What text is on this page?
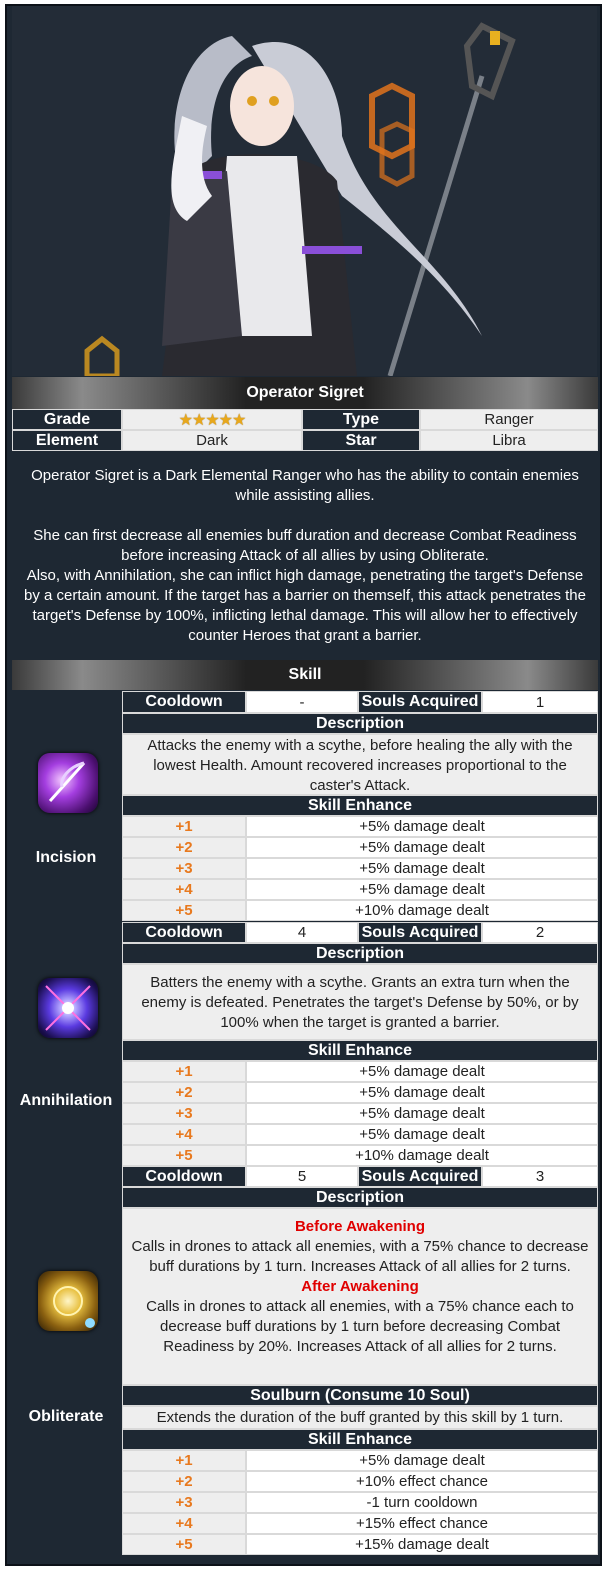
Operator Sigret
Grade	★★★★★	Type	Ranger
Element	Dark	Star	Libra
Operator Sigret is a Dark Elemental Ranger who has the ability to contain enemies while assisting allies.
She can first decrease all enemies buff duration and decrease Combat Readiness before increasing Attack of all allies by using Obliterate.
Also, with Annihilation, she can inflict high damage, penetrating the target's Defense by a certain amount. If the target has a barrier on themself, this attack penetrates the target's Defense by 100%, inflicting lethal damage. This will allow her to effectively counter Heroes that grant a barrier.
Skill
Incision
Cooldown	-	Souls Acquired	1
Description
Attacks the enemy with a scythe, before healing the ally with the lowest Health. Amount recovered increases proportional to the caster's Attack.
Skill Enhance
+1	+5% damage dealt
+2	+5% damage dealt
+3	+5% damage dealt
+4	+5% damage dealt
+5	+10% damage dealt
Annihilation
Cooldown	4	Souls Acquired	2
Description
Batters the enemy with a scythe. Grants an extra turn when the enemy is defeated. Penetrates the target's Defense by 50%, or by 100% when the target is granted a barrier.
Skill Enhance
+1	+5% damage dealt
+2	+5% damage dealt
+3	+5% damage dealt
+4	+5% damage dealt
+5	+10% damage dealt
Obliterate
Cooldown	5	Souls Acquired	3
Description
Before Awakening
Calls in drones to attack all enemies, with a 75% chance to decrease buff durations by 1 turn. Increases Attack of all allies for 2 turns.
After Awakening
Calls in drones to attack all enemies, with a 75% chance each to decrease buff durations by 1 turn before decreasing Combat Readiness by 20%. Increases Attack of all allies for 2 turns.
Soulburn (Consume 10 Soul)
Extends the duration of the buff granted by this skill by 1 turn.
Skill Enhance
+1	+5% damage dealt
+2	+10% effect chance
+3	-1 turn cooldown
+4	+15% effect chance
+5	+15% damage dealt
